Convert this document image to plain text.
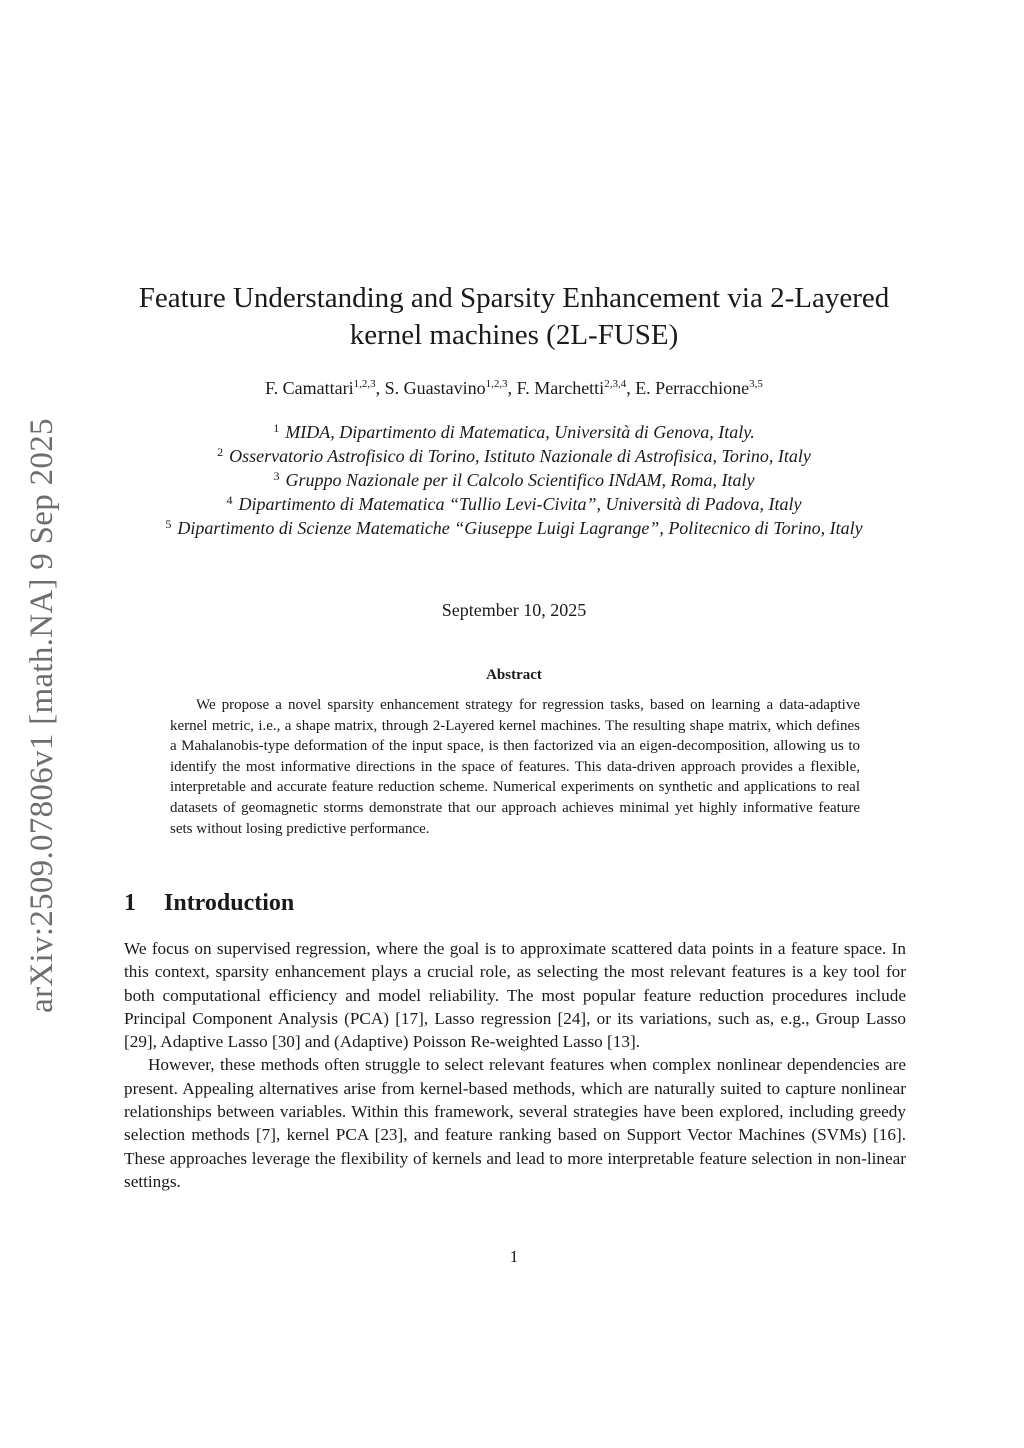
arXiv:2509.07806v1 [math.NA] 9 Sep 2025
Feature Understanding and Sparsity Enhancement via 2-Layered kernel machines (2L-FUSE)
F. Camattari$^{1,2,3}$, S. Guastavino$^{1,2,3}$, F. Marchetti$^{2,3,4}$, E. Perracchione$^{3,5}$
$^1$ MIDA, Dipartimento di Matematica, Università di Genova, Italy.
$^2$ Osservatorio Astrofisico di Torino, Istituto Nazionale di Astrofisica, Torino, Italy
$^3$ Gruppo Nazionale per il Calcolo Scientifico INdAM, Roma, Italy
$^4$ Dipartimento di Matematica “Tullio Levi-Civita”, Università di Padova, Italy
$^5$ Dipartimento di Scienze Matematiche “Giuseppe Luigi Lagrange”, Politecnico di Torino, Italy
September 10, 2025
Abstract

We propose a novel sparsity enhancement strategy for regression tasks, based on learning a data-adaptive kernel metric, i.e., a shape matrix, through 2-Layered kernel machines. The resulting shape matrix, which defines a Mahalanobis-type deformation of the input space, is then factorized via an eigen-decomposition, allowing us to identify the most informative directions in the space of features. This data-driven approach provides a flexible, interpretable and accurate feature reduction scheme. Numerical experiments on synthetic and applications to real datasets of geomagnetic storms demonstrate that our approach achieves minimal yet highly informative feature sets without losing predictive performance.

1 Introduction

We focus on supervised regression, where the goal is to approximate scattered data points in a feature space. In this context, sparsity enhancement plays a crucial role, as selecting the most relevant features is a key tool for both computational efficiency and model reliability. The most popular feature reduction procedures include Principal Component Analysis (PCA) [17], Lasso regression [24], or its variations, such as, e.g., Group Lasso [29], Adaptive Lasso [30] and (Adaptive) Poisson Re-weighted Lasso [13].

However, these methods often struggle to select relevant features when complex nonlinear dependencies are present. Appealing alternatives arise from kernel-based methods, which are naturally suited to capture nonlinear relationships between variables. Within this framework, several strategies have been explored, including greedy selection methods [7], kernel PCA [23], and feature ranking based on Support Vector Machines (SVMs) [16]. These approaches leverage the flexibility of kernels and lead to more interpretable feature selection in non-linear settings.

1
